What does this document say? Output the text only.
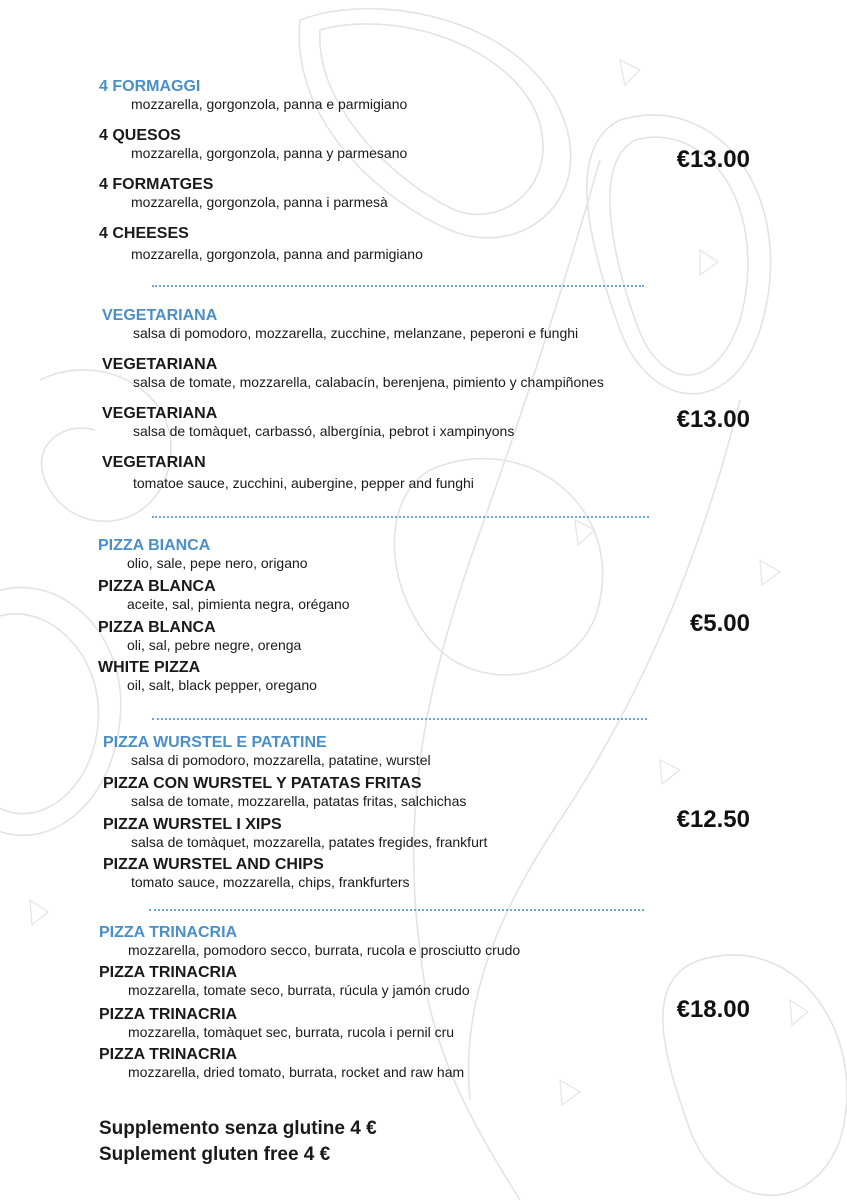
4 FORMAGGI
mozzarella, gorgonzola, panna e parmigiano
4 QUESOS
mozzarella, gorgonzola, panna y parmesano
4 FORMATGES
mozzarella, gorgonzola, panna i parmesà
4 CHEESES
mozzarella, gorgonzola, panna and parmigiano
€13.00
VEGETARIANA
salsa di pomodoro, mozzarella, zucchine, melanzane, peperoni e funghi
VEGETARIANA
salsa de tomate, mozzarella, calabacín, berenjena, pimiento y champiñones
VEGETARIANA
salsa de tomàquet, carbassó, albergínia, pebrot i xampinyons
VEGETARIAN
tomatoe sauce, zucchini, aubergine, pepper and funghi
€13.00
PIZZA BIANCA
olio, sale, pepe nero, origano
PIZZA BLANCA
aceite, sal, pimienta negra, orégano
PIZZA BLANCA
oli, sal, pebre negre, orenga
WHITE PIZZA
oil, salt, black pepper, oregano
€5.00
PIZZA WURSTEL E PATATINE
salsa di pomodoro, mozzarella, patatine, wurstel
PIZZA CON WURSTEL Y PATATAS FRITAS
salsa de tomate, mozzarella, patatas fritas, salchichas
PIZZA WURSTEL I XIPS
salsa de tomàquet, mozzarella, patates fregides, frankfurt
PIZZA WURSTEL AND CHIPS
tomato sauce, mozzarella, chips, frankfurters
€12.50
PIZZA TRINACRIA
mozzarella, pomodoro secco, burrata, rucola e prosciutto crudo
PIZZA TRINACRIA
mozzarella, tomate seco, burrata, rúcula y jamón crudo
PIZZA TRINACRIA
mozzarella, tomàquet sec, burrata, rucola i pernil cru
PIZZA TRINACRIA
mozzarella, dried tomato, burrata, rocket and raw ham
€18.00
Supplemento senza glutine 4 €
Suplement gluten free 4 €
